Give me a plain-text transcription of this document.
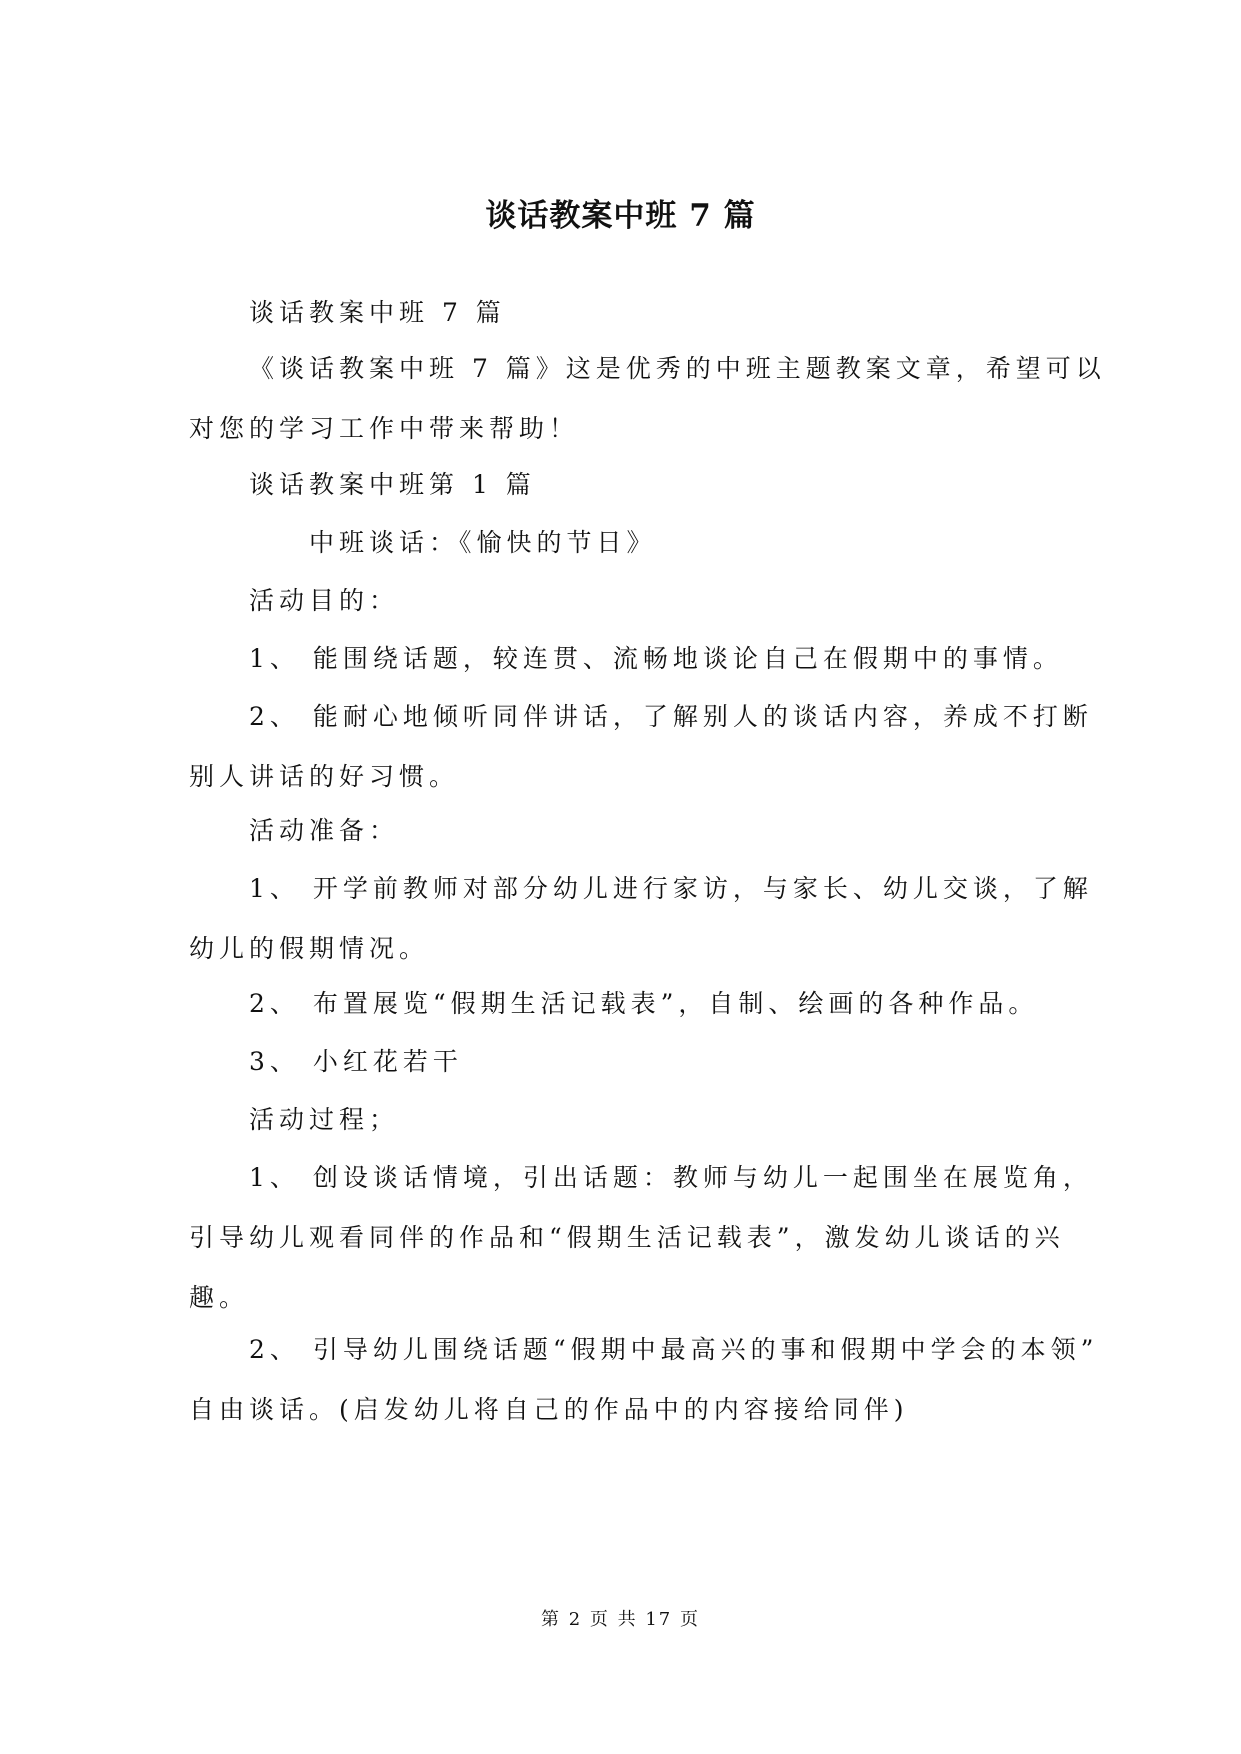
谈话教案中班 7 篇
谈话教案中班 7 篇
《谈话教案中班 7 篇》这是优秀的中班主题教案文章，希望可以
对您的学习工作中带来帮助！
谈话教案中班第 1 篇
中班谈话：《愉快的节日》
活动目的：
1、 能围绕话题，较连贯、流畅地谈论自己在假期中的事情。
2、 能耐心地倾听同伴讲话，了解别人的谈话内容，养成不打断
别人讲话的好习惯。
活动准备：
1、 开学前教师对部分幼儿进行家访，与家长、幼儿交谈，了解
幼儿的假期情况。
2、 布置展览“假期生活记载表”，自制、绘画的各种作品。
3、 小红花若干
活动过程；
1、 创设谈话情境，引出话题：教师与幼儿一起围坐在展览角，
引导幼儿观看同伴的作品和“假期生活记载表”，激发幼儿谈话的兴
趣。
2、 引导幼儿围绕话题“假期中最高兴的事和假期中学会的本领”
自由谈话。(启发幼儿将自己的作品中的内容接给同伴)
第 2 页 共 17 页
